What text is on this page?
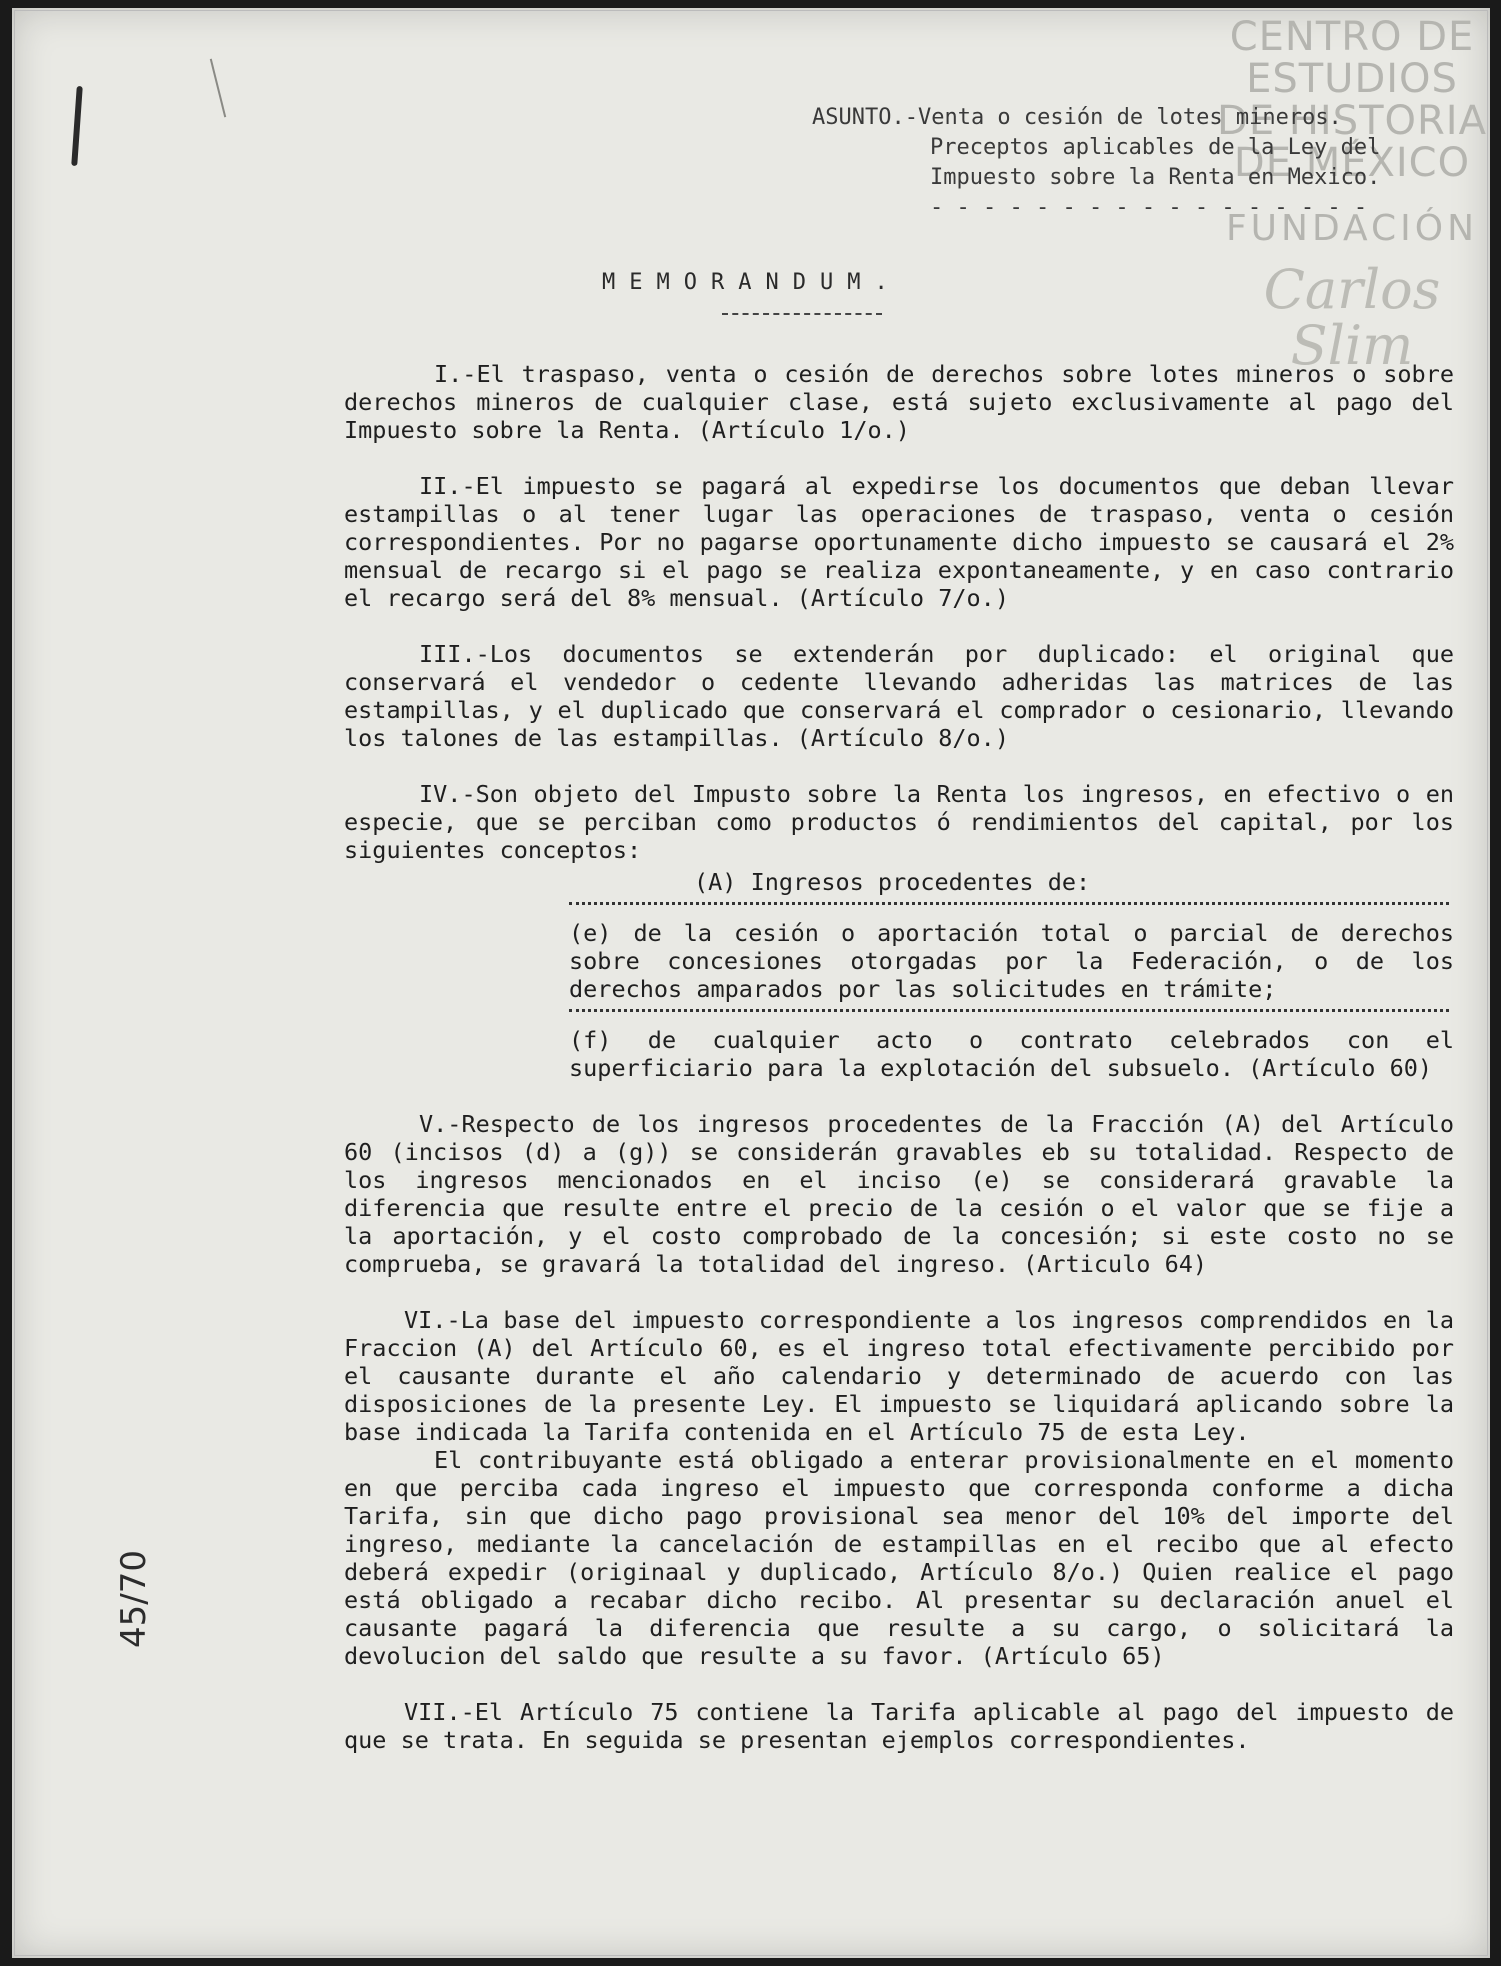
CENTRO DE
ESTUDIOS
DE HISTORIA
DE MÉXICO
FUNDACIÓN
Carlos Slim
ASUNTO.-Venta o cesión de lotes mineros.
Preceptos aplicables de la Ley del
Impuesto sobre la Renta en Mexico.
- - - - - - - - - - - - - - - - -
MEMORANDUM.

I.-El traspaso, venta o cesión de derechos sobre lotes mineros o sobre derechos mineros de cualquier clase, está sujeto exclusivamente al pago del Impuesto sobre la Renta. (Artículo 1/o.)

II.-El impuesto se pagará al expedirse los documentos que deban llevar estampillas o al tener lugar las operaciones de traspaso, venta o cesión correspondientes. Por no pagarse oportunamente dicho impuesto se causará el 2% mensual de recargo si el pago se realiza expontaneamente, y en caso contrario el recargo será del 8% mensual. (Artículo 7/o.)

III.-Los documentos se extenderán por duplicado: el original que conservará el vendedor o cedente llevando adheridas las matrices de las estampillas, y el duplicado que conservará el comprador o cesionario, llevando los talones de las estampillas. (Artículo 8/o.)

IV.-Son objeto del Impusto sobre la Renta los ingresos, en efectivo o en especie, que se perciban como productos ó rendimientos del capital, por los siguientes conceptos:

(A) Ingresos procedentes de:

(e) de la cesión o aportación total o parcial de derechos sobre concesiones otorgadas por la Federación, o de los derechos amparados por las solicitudes en trámite;

(f) de cualquier acto o contrato celebrados con el superficiario para la explotación del subsuelo. (Artículo 60)

V.-Respecto de los ingresos procedentes de la Fracción (A) del Artículo 60 (incisos (d) a (g)) se considerán gravables eb su totalidad. Respecto de los ingresos mencionados en el inciso (e) se considerará gravable la diferencia que resulte entre el precio de la cesión o el valor que se fije a la aportación, y el costo comprobado de la concesión; si este costo no se comprueba, se gravará la totalidad del ingreso. (Articulo 64)

VI.-La base del impuesto correspondiente a los ingresos comprendidos en la Fraccion (A) del Artículo 60, es el ingreso total efectivamente percibido por el causante durante el año calendario y determinado de acuerdo con las disposiciones de la presente Ley. El impuesto se liquidará aplicando sobre la base indicada la Tarifa contenida en el Artículo 75 de esta Ley.

El contribuyante está obligado a enterar provisionalmente en el momento en que perciba cada ingreso el impuesto que corresponda conforme a dicha Tarifa, sin que dicho pago provisional sea menor del 10% del importe del ingreso, mediante la cancelación de estampillas en el recibo que al efecto deberá expedir (originaal y duplicado, Artículo 8/o.) Quien realice el pago está obligado a recabar dicho recibo. Al presentar su declaración anuel el causante pagará la diferencia que resulte a su cargo, o solicitará la devolucion del saldo que resulte a su favor. (Artículo 65)

VII.-El Artículo 75 contiene la Tarifa aplicable al pago del impuesto de que se trata. En seguida se presentan ejemplos correspondientes.

45/70
